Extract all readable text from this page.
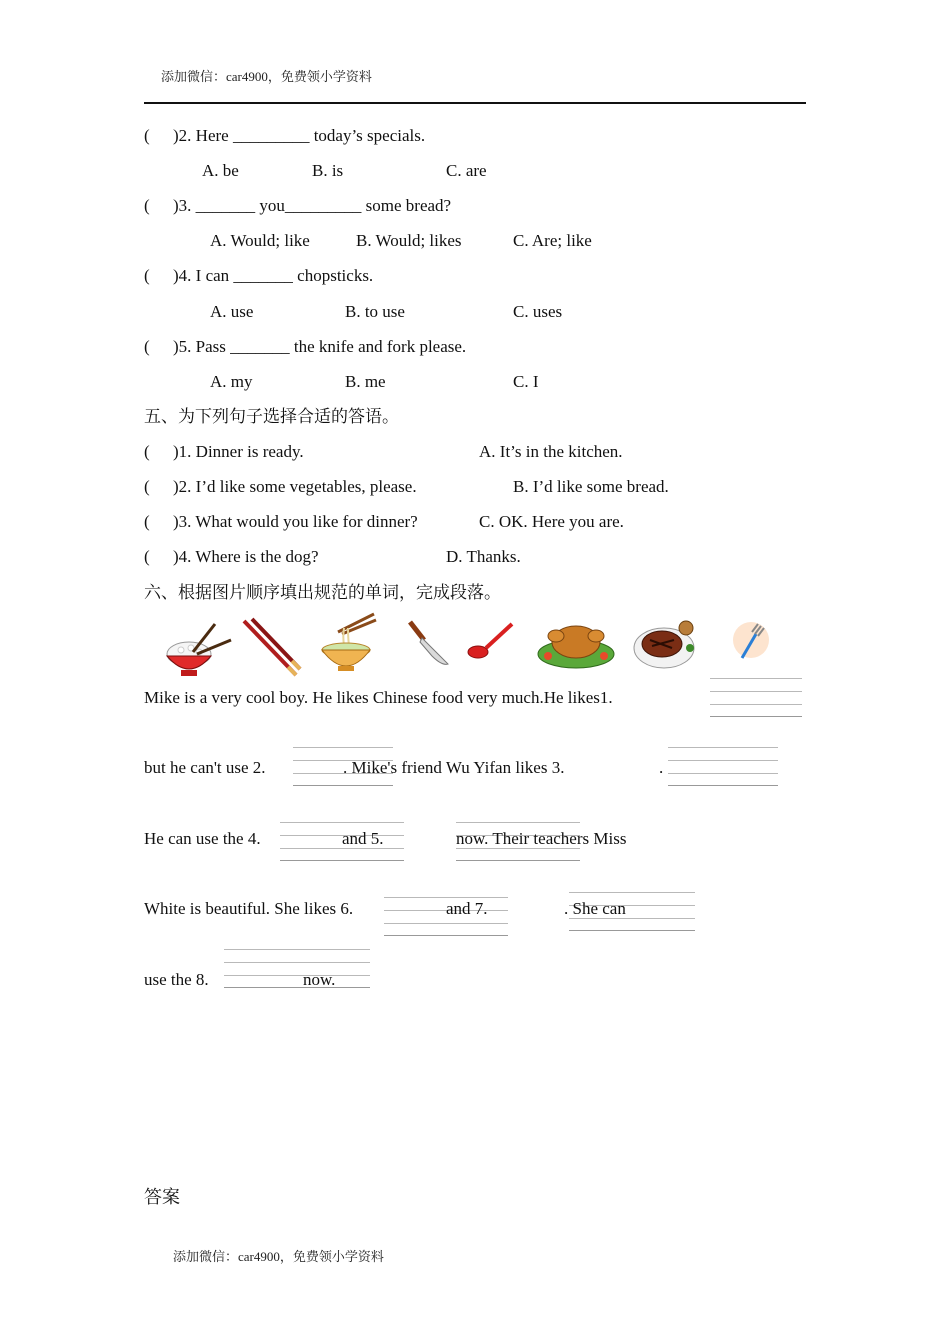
添加微信：car4900，免费领小学资料
( )2. Here _________ today’s specials.
A. be	B. is	C. are
( )3. _______ you_________ some bread?
A. Would; like	B. Would; likes	C. Are; like
( )4. I can _______ chopsticks.
A. use	B. to use	C. uses
( )5. Pass _______ the knife and fork please.
A. my	B. me	C. I
五、为下列句子选择合适的答语。
( )1. Dinner is ready.	A. It’s in the kitchen.
( )2. I’d like some vegetables, please.	B. I’d like some bread.
( )3. What would you like for dinner?	C. OK. Here you are.
( )4. Where is the dog?	D. Thanks.
六、根据图片顺序填出规范的单词，完成段落。
Mike is a very cool boy. He likes Chinese food very much.He likes1.
but he can't use 2.	. Mike's friend Wu Yifan likes 3.	.
He can use the 4.	and 5.	now. Their teachers Miss
White is beautiful. She likes 6.	and 7.	. She can
use the 8.	now.
答案
添加微信：car4900，免费领小学资料
